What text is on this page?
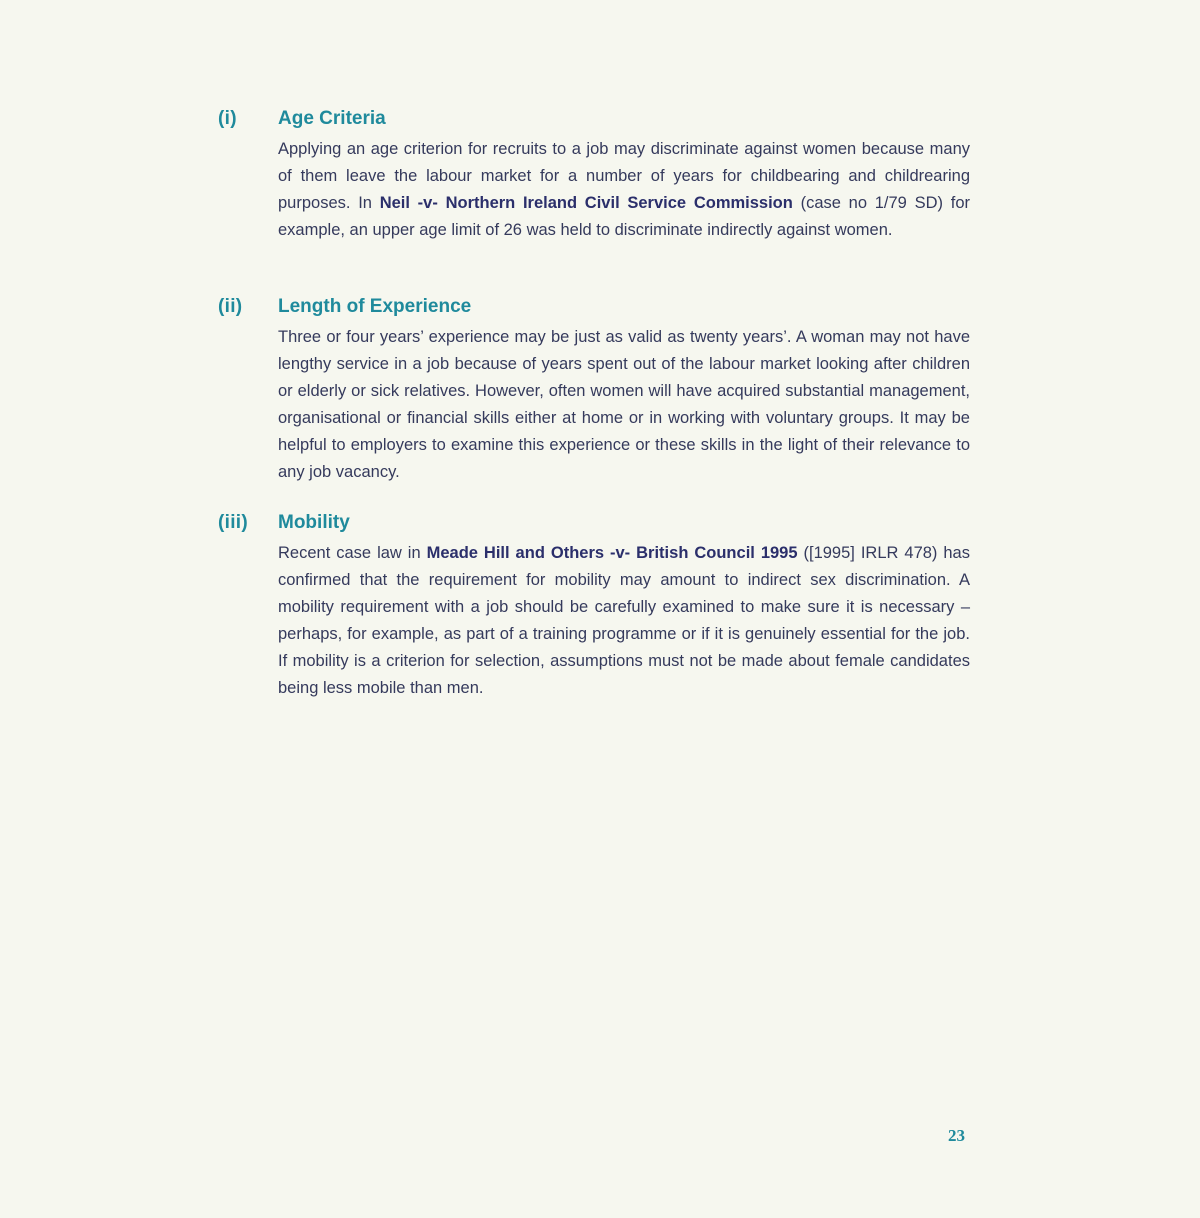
(i) Age Criteria

Applying an age criterion for recruits to a job may discriminate against women because many of them leave the labour market for a number of years for childbearing and childrearing purposes. In Neil -v- Northern Ireland Civil Service Commission (case no 1/79 SD) for example, an upper age limit of 26 was held to discriminate indirectly against women.

(ii) Length of Experience

Three or four years’ experience may be just as valid as twenty years’. A woman may not have lengthy service in a job because of years spent out of the labour market looking after children or elderly or sick relatives. However, often women will have acquired substantial management, organisational or financial skills either at home or in working with voluntary groups. It may be helpful to employers to examine this experience or these skills in the light of their relevance to any job vacancy.

(iii) Mobility

Recent case law in Meade Hill and Others -v- British Council 1995 ([1995] IRLR 478) has confirmed that the requirement for mobility may amount to indirect sex discrimination. A mobility requirement with a job should be carefully examined to make sure it is necessary – perhaps, for example, as part of a training programme or if it is genuinely essential for the job. If mobility is a criterion for selection, assumptions must not be made about female candidates being less mobile than men.

23
